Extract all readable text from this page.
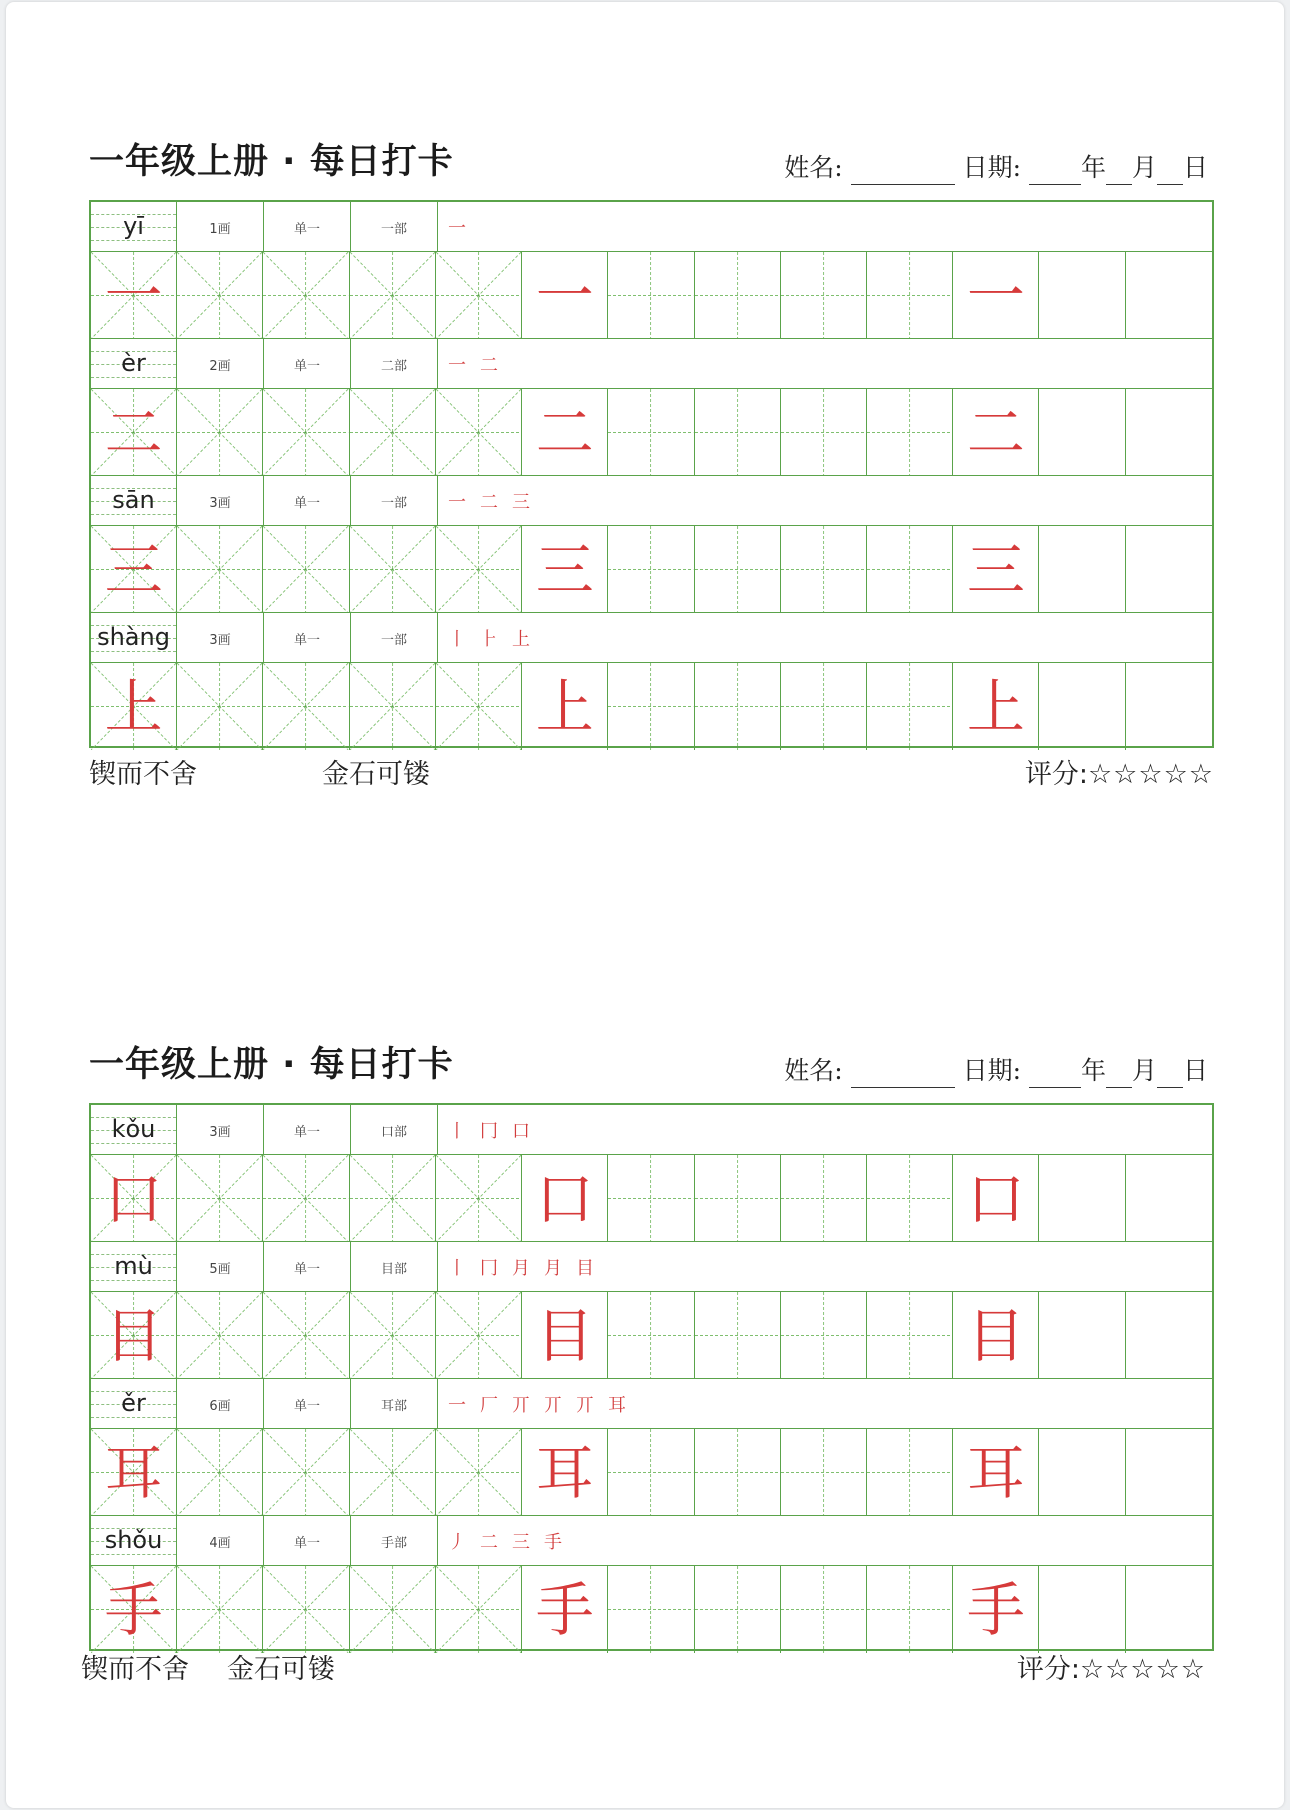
一年级上册 · 每日打卡	姓名:	日期: 年 月 日
yī	1画	单一	一部	一
一	一	一
èr	2画	单一	二部	一 二
二	二	二
sān	3画	单一	一部	一 二 三
三	三	三
shàng	3画	单一	一部	丨 ⺊ 上
上	上	上
锲而不舍	金石可镂	评分:☆☆☆☆☆
一年级上册 · 每日打卡	姓名:	日期: 年 月 日
kǒu	3画	单一	口部	丨 冂 口
口	口	口
mù	5画	单一	目部	丨 冂 月 月 目
目	目	目
ěr	6画	单一	耳部	一 厂 丌 丌 丌 耳
耳	耳	耳
shǒu	4画	单一	手部	丿 二 三 手
手	手	手
锲而不舍 金石可镂	评分:☆☆☆☆☆
